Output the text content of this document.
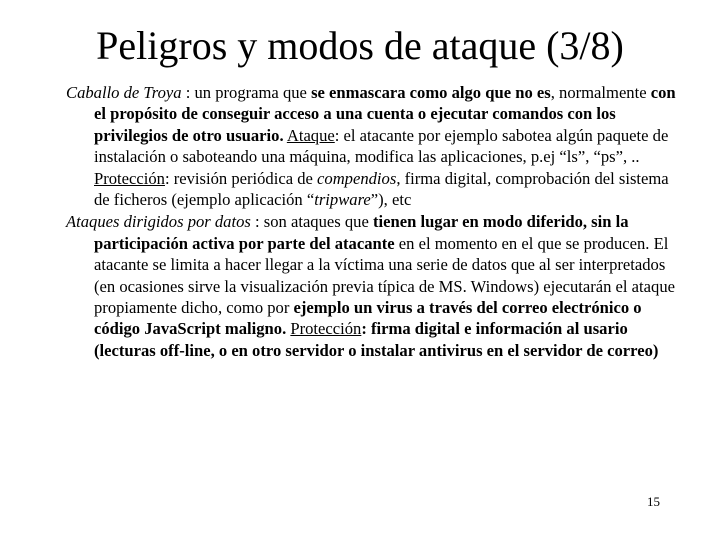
Peligros y modos de ataque (3/8)

Caballo de Troya : un programa que se enmascara como algo que no es, normalmente con el propósito de conseguir acceso a una cuenta o ejecutar comandos con los privilegios de otro usuario. Ataque: el atacante por ejemplo sabotea algún paquete de instalación o saboteando una máquina, modifica las aplicaciones, p.ej “ls”, “ps”, .. Protección: revisión periódica de compendios, firma digital, comprobación del sistema de ficheros (ejemplo aplicación “tripware”), etc

Ataques dirigidos por datos : son ataques que tienen lugar en modo diferido, sin la participación activa por parte del atacante en el momento en el que se producen. El atacante se limita a hacer llegar a la víctima una serie de datos que al ser interpretados (en ocasiones sirve la visualización previa típica de MS. Windows) ejecutarán el ataque propiamente dicho, como por ejemplo un virus a través del correo electrónico o código JavaScript maligno. Protección: firma digital e información al usario (lecturas off-line, o en otro servidor o instalar antivirus en el servidor de correo)

15
